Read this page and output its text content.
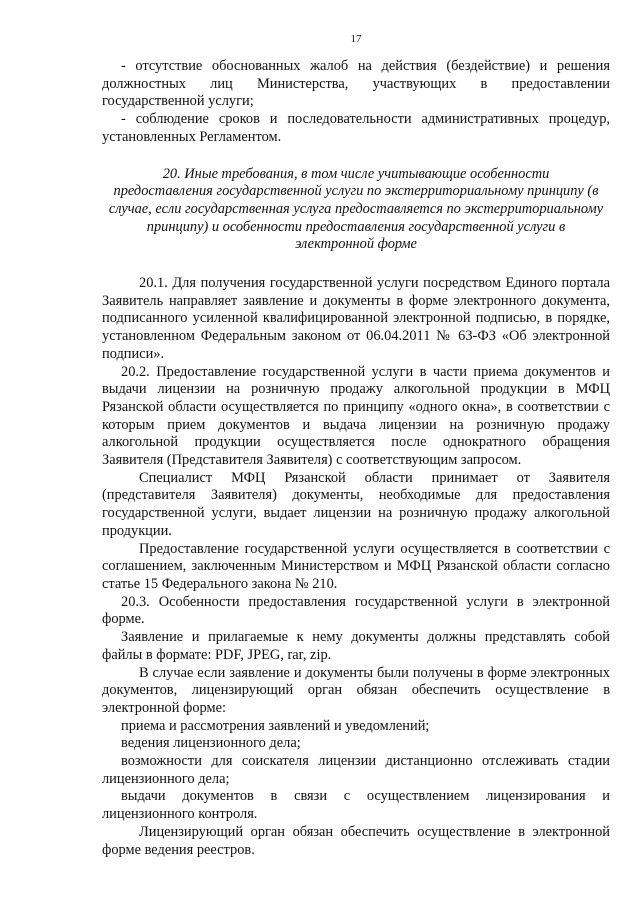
17

- отсутствие обоснованных жалоб на действия (бездействие) и решения должностных лиц Министерства, участвующих в предоставлении государственной услуги;

- соблюдение сроков и последовательности административных процедур, установленных Регламентом.

20. Иные требования, в том числе учитывающие особенности
предоставления государственной услуги по экстерриториальному принципу (в
случае, если государственная услуга предоставляется по экстерриториальному
принципу) и особенности предоставления государственной услуги в
электронной форме

20.1. Для получения государственной услуги посредством Единого портала Заявитель направляет заявление и документы в форме электронного документа, подписанного усиленной квалифицированной электронной подписью, в порядке, установленном Федеральным законом от 06.04.2011 № 63-ФЗ «Об электронной подписи».

20.2. Предоставление государственной услуги в части приема документов и выдачи лицензии на розничную продажу алкогольной продукции в МФЦ Рязанской области осуществляется по принципу «одного окна», в соответствии с которым прием документов и выдача лицензии на розничную продажу алкогольной продукции осуществляется после однократного обращения Заявителя (Представителя Заявителя) с соответствующим запросом.

Специалист МФЦ Рязанской области принимает от Заявителя (представителя Заявителя) документы, необходимые для предоставления государственной услуги, выдает лицензии на розничную продажу алкогольной продукции.

Предоставление государственной услуги осуществляется в соответствии с соглашением, заключенным Министерством и МФЦ Рязанской области согласно статье 15 Федерального закона № 210.

20.3. Особенности предоставления государственной услуги в электронной форме.

Заявление и прилагаемые к нему документы должны представлять собой файлы в формате: PDF, JPEG, rar, zip.

В случае если заявление и документы были получены в форме электронных документов, лицензирующий орган обязан обеспечить осуществление в электронной форме:

приема и рассмотрения заявлений и уведомлений;

ведения лицензионного дела;

возможности для соискателя лицензии дистанционно отслеживать стадии лицензионного дела;

выдачи документов в связи с осуществлением лицензирования и лицензионного контроля.

Лицензирующий орган обязан обеспечить осуществление в электронной форме ведения реестров.
